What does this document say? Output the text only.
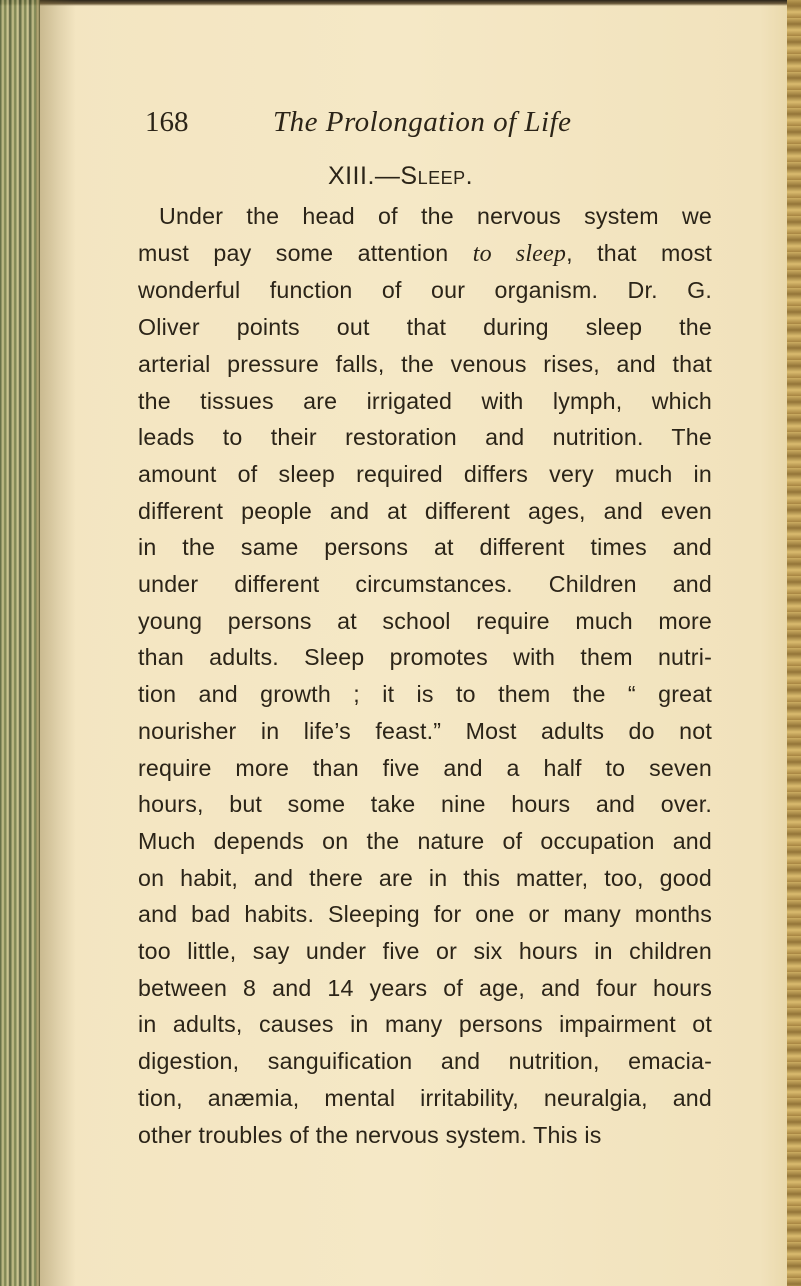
168	The Prolongation of Life
XIII.—Sleep.
Under the head of the nervous system we
must pay some attention to sleep, that most
wonderful function of our organism. Dr. G.
Oliver points out that during sleep the
arterial pressure falls, the venous rises, and that
the tissues are irrigated with lymph, which
leads to their restoration and nutrition. The
amount of sleep required differs very much in
different people and at different ages, and even
in the same persons at different times and
under different circumstances. Children and
young persons at school require much more
than adults. Sleep promotes with them nutri-
tion and growth ; it is to them the “ great
nourisher in life’s feast.” Most adults do not
require more than five and a half to seven
hours, but some take nine hours and over.
Much depends on the nature of occupation and
on habit, and there are in this matter, too, good
and bad habits. Sleeping for one or many months
too little, say under five or six hours in children
between 8 and 14 years of age, and four hours
in adults, causes in many persons impairment ot
digestion, sanguification and nutrition, emacia-
tion, anæmia, mental irritability, neuralgia, and
other troubles of the nervous system. This is
